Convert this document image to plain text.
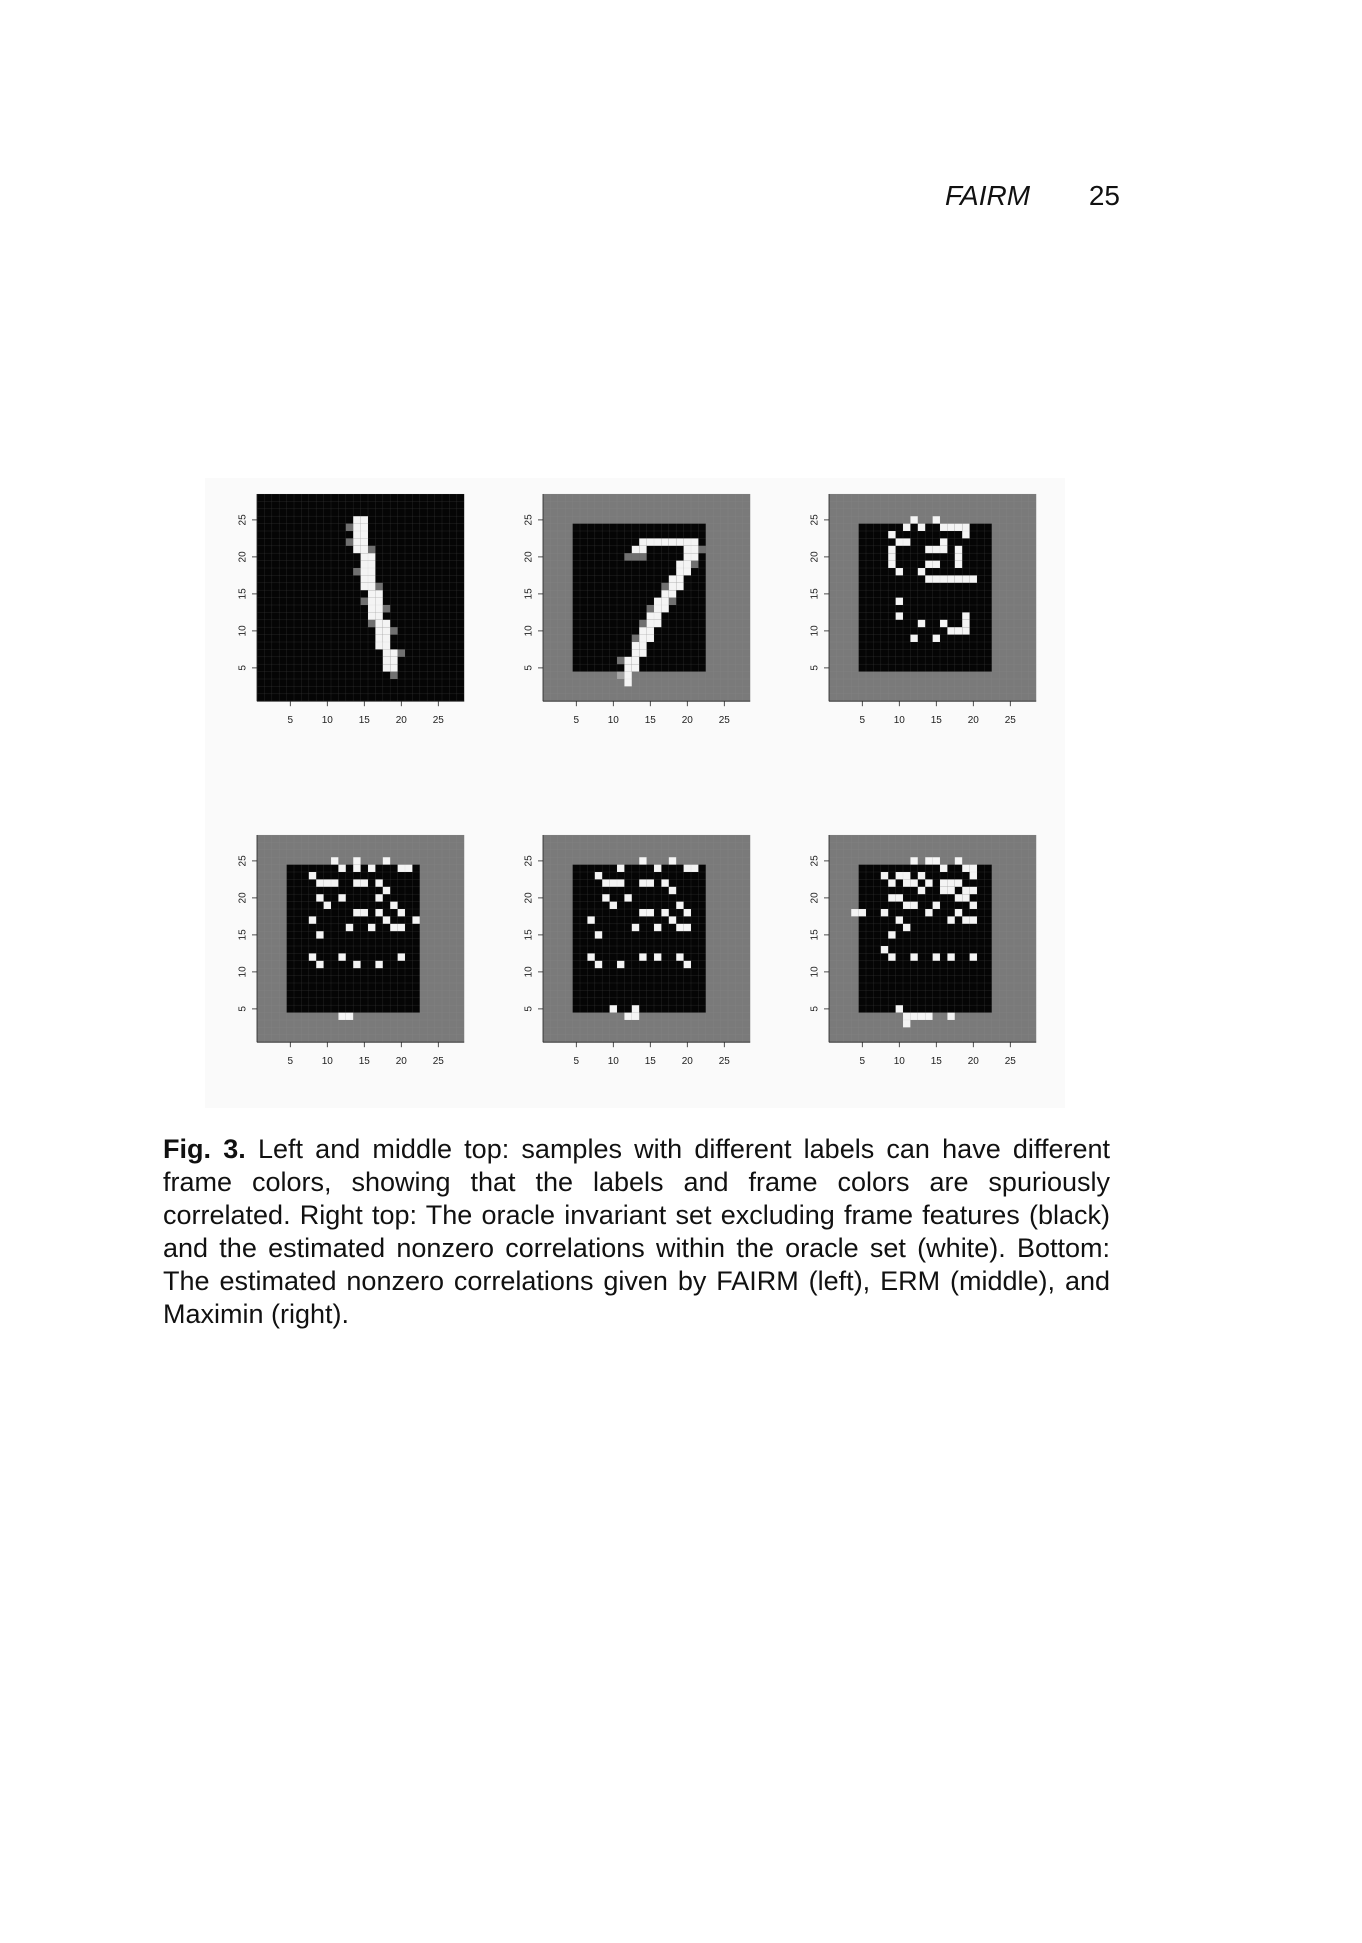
FAIRM 25
5
5
10
10
15
15
20
20
25
25
5
5
10
10
15
15
20
20
25
25
5
5
10
10
15
15
20
20
25
25
5
5
10
10
15
15
20
20
25
25
5
5
10
10
15
15
20
20
25
25
5
5
10
10
15
15
20
20
25
25
Fig. 3. Left and middle top: samples with different labels can have different frame colors, showing that the labels and frame colors are spuriously correlated. Right top: The oracle invariant set excluding frame features (black) and the estimated nonzero correlations within the oracle set (white). Bottom: The estimated nonzero correlations given by FAIRM (left), ERM (middle), and Maximin (right).
